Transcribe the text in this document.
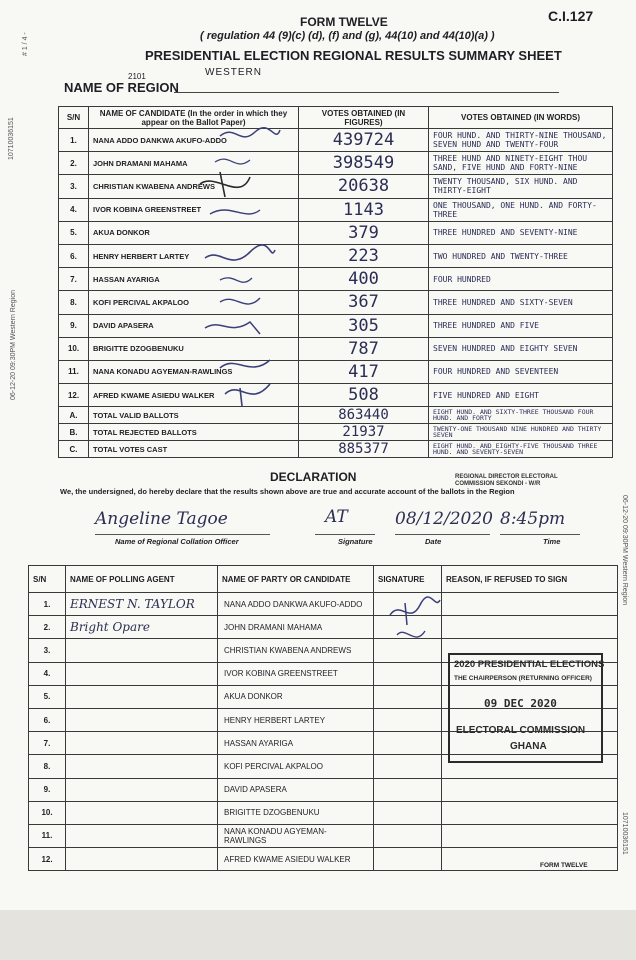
# 1 / 4 -
10710036151
06-12-20 09:30PM Western Region
06-12-20 09:30PM Western Region
10710036151
C.I.127
FORM TWELVE
( regulation 44 (9)(c) (d), (f) and (g), 44(10) and 44(10)(a) )
PRESIDENTIAL ELECTION REGIONAL RESULTS SUMMARY SHEET
2101	WESTERN
NAME OF REGION
S/N	NAME OF CANDIDATE (In the order in which they appear on the Ballot Paper)	VOTES OBTAINED (IN FIGURES)	VOTES OBTAINED (IN WORDS)
1.	NANA ADDO DANKWA AKUFO-ADDO	439724	FOUR HUND. AND THIRTY-NINE THOUSAND, SEVEN HUND AND TWENTY-FOUR
2.	JOHN DRAMANI MAHAMA	398549	THREE HUND AND NINETY-EIGHT THOU SAND, FIVE HUND AND FORTY-NINE
3.	CHRISTIAN KWABENA ANDREWS	20638	TWENTY THOUSAND, SIX HUND. AND THIRTY-EIGHT
4.	IVOR KOBINA GREENSTREET	1143	ONE THOUSAND, ONE HUND. AND FORTY-THREE
5.	AKUA DONKOR	379	THREE HUNDRED AND SEVENTY-NINE
6.	HENRY HERBERT LARTEY	223	TWO HUNDRED AND TWENTY-THREE
7.	HASSAN AYARIGA	400	FOUR HUNDRED
8.	KOFI PERCIVAL AKPALOO	367	THREE HUNDRED AND SIXTY-SEVEN
9.	DAVID APASERA	305	THREE HUNDRED AND FIVE
10.	BRIGITTE DZOGBENUKU	787	SEVEN HUNDRED AND EIGHTY SEVEN
11.	NANA KONADU AGYEMAN-RAWLINGS	417	FOUR HUNDRED AND SEVENTEEN
12.	AFRED KWAME ASIEDU WALKER	508	FIVE HUNDRED AND EIGHT
A.	TOTAL VALID BALLOTS	863440	EIGHT HUND. AND SIXTY-THREE THOUSAND FOUR HUND. AND FORTY
B.	TOTAL REJECTED BALLOTS	21937	TWENTY-ONE THOUSAND NINE HUNDRED AND THIRTY SEVEN
C.	TOTAL VOTES CAST	885377	EIGHT HUND. AND EIGHTY-FIVE THOUSAND THREE HUND. AND SEVENTY-SEVEN
DECLARATION
We, the undersigned, do hereby declare that the results shown above are true and accurate account of the ballots in the Region
REGIONAL DIRECTOR ELECTORAL COMMISSION SEKONDI - W/R
Angeline Tagoe	AT	08/12/2020 8:45pm
Name of Regional Collation Officer	Signature	Date	Time
S/N	NAME OF POLLING AGENT	NAME OF PARTY OR CANDIDATE	SIGNATURE	REASON, IF REFUSED TO SIGN
1.	ERNEST N. TAYLOR	NANA ADDO DANKWA AKUFO-ADDO		
2.	Bright Opare	JOHN DRAMANI MAHAMA		
3.		CHRISTIAN KWABENA ANDREWS		
4.		IVOR KOBINA GREENSTREET		
5.		AKUA DONKOR		
6.		HENRY HERBERT LARTEY		
7.		HASSAN AYARIGA		
8.		KOFI PERCIVAL AKPALOO		
9.		DAVID APASERA		
10.		BRIGITTE DZOGBENUKU		
11.		NANA KONADU AGYEMAN-RAWLINGS		
12.		AFRED KWAME ASIEDU WALKER		
2020 PRESIDENTIAL ELECTIONS
THE CHAIRPERSON (RETURNING OFFICER)
09 DEC 2020
ELECTORAL COMMISSION
GHANA
FORM TWELVE
